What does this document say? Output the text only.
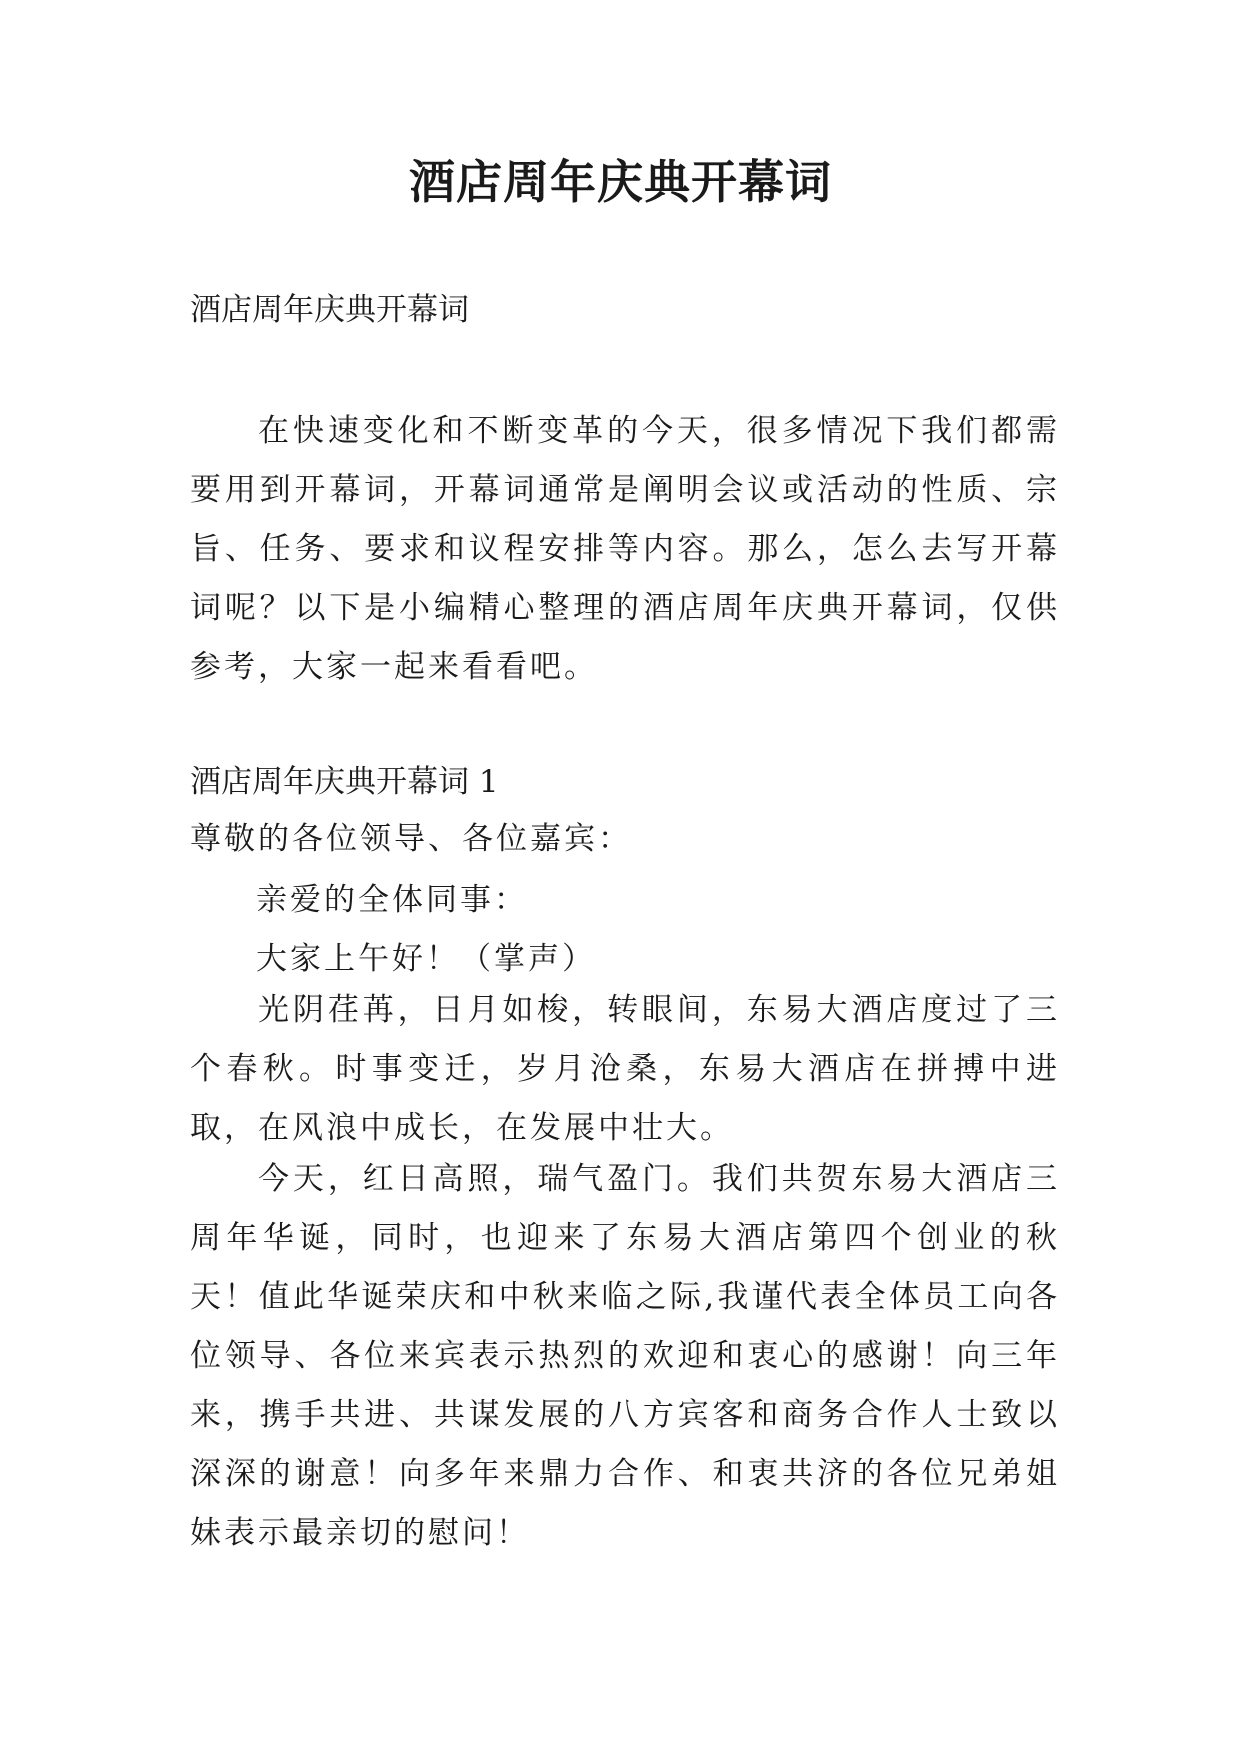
酒店周年庆典开幕词

酒店周年庆典开幕词

在快速变化和不断变革的今天，很多情况下我们都需要用到开幕词，开幕词通常是阐明会议或活动的性质、宗旨、任务、要求和议程安排等内容。那么，怎么去写开幕词呢？以下是小编精心整理的酒店周年庆典开幕词，仅供参考，大家一起来看看吧。

酒店周年庆典开幕词 1

尊敬的各位领导、各位嘉宾：

亲爱的全体同事：

大家上午好！（掌声）

光阴荏苒，日月如梭，转眼间，东易大酒店度过了三个春秋。时事变迁，岁月沧桑，东易大酒店在拼搏中进取，在风浪中成长，在发展中壮大。

今天，红日高照，瑞气盈门。我们共贺东易大酒店三周年华诞，同时，也迎来了东易大酒店第四个创业的秋天！值此华诞荣庆和中秋来临之际,我谨代表全体员工向各位领导、各位来宾表示热烈的欢迎和衷心的感谢！向三年来，携手共进、共谋发展的八方宾客和商务合作人士致以深深的谢意！向多年来鼎力合作、和衷共济的各位兄弟姐妹表示最亲切的慰问！
